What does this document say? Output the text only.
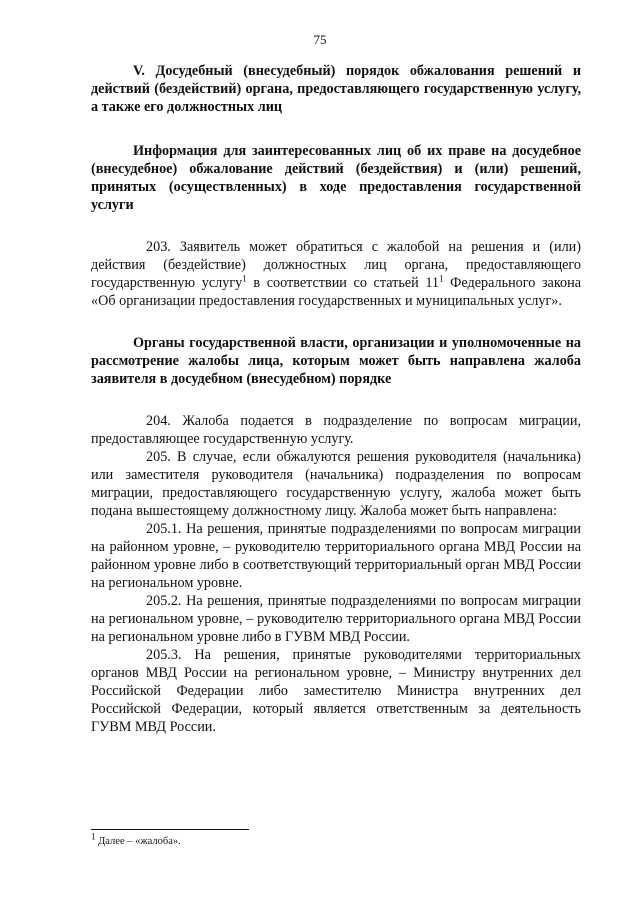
75

V. Досудебный (внесудебный) порядок обжалования решений и действий (бездействий) органа, предоставляющего государственную услугу, а также его должностных лиц

Информация для заинтересованных лиц об их праве на досудебное (внесудебное) обжалование действий (бездействия) и (или) решений, принятых (осуществленных) в ходе предоставления государственной услуги

203. Заявитель может обратиться с жалобой на решения и (или) действия (бездействие) должностных лиц органа, предоставляющего государственную услугу$^1$ в соответствии со статьей $11^1$ Федерального закона «Об организации предоставления государственных и муниципальных услуг».

Органы государственной власти, организации и уполномоченные на рассмотрение жалобы лица, которым может быть направлена жалоба заявителя в досудебном (внесудебном) порядке

204. Жалоба подается в подразделение по вопросам миграции, предоставляющее государственную услугу.

205. В случае, если обжалуются решения руководителя (начальника) или заместителя руководителя (начальника) подразделения по вопросам миграции, предоставляющего государственную услугу, жалоба может быть подана вышестоящему должностному лицу. Жалоба может быть направлена:

205.1. На решения, принятые подразделениями по вопросам миграции на районном уровне, – руководителю территориального органа МВД России на районном уровне либо в соответствующий территориальный орган МВД России на региональном уровне.

205.2. На решения, принятые подразделениями по вопросам миграции на региональном уровне, – руководителю территориального органа МВД России на региональном уровне либо в ГУВМ МВД России.

205.3. На решения, принятые руководителями территориальных органов МВД России на региональном уровне, – Министру внутренних дел Российской Федерации либо заместителю Министра внутренних дел Российской Федерации, который является ответственным за деятельность ГУВМ МВД России.

$^1$ Далее – «жалоба».
